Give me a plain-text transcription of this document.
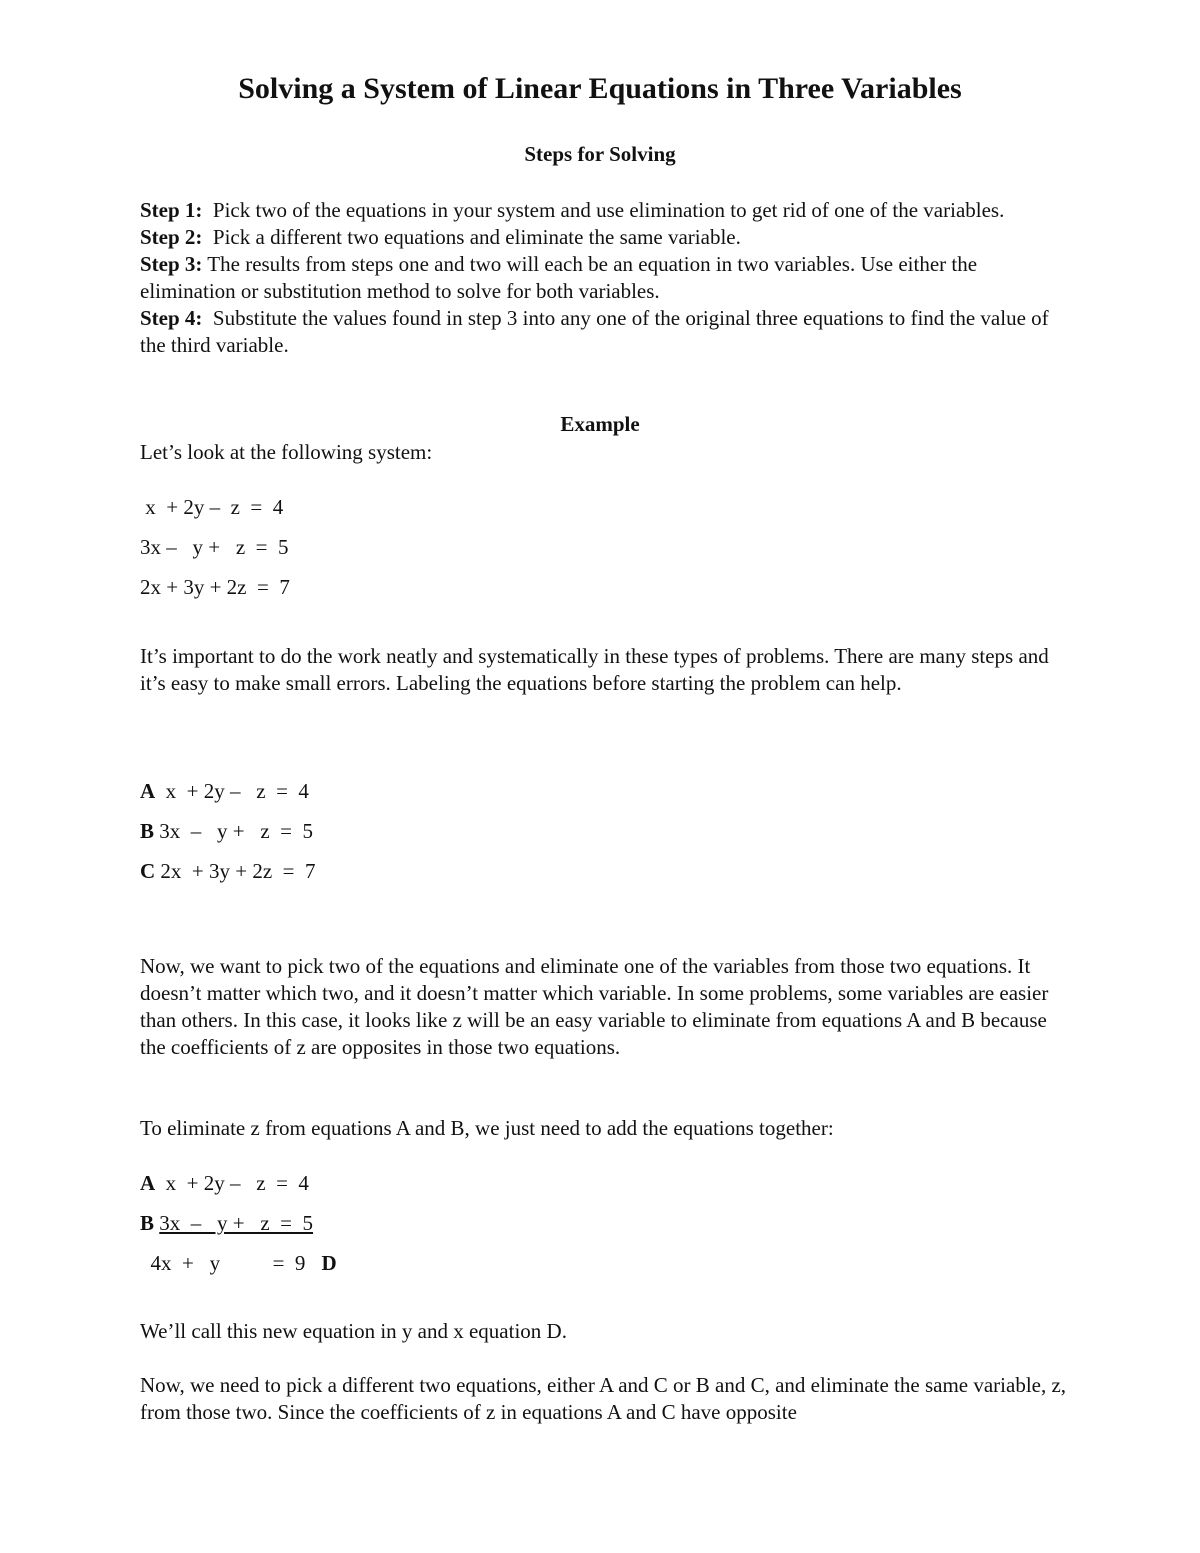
Solving a System of Linear Equations in Three Variables
Steps for Solving

Step 1: Pick two of the equations in your system and use elimination to get rid of one of the variables.

Step 2: Pick a different two equations and eliminate the same variable.

Step 3: The results from steps one and two will each be an equation in two variables. Use either the elimination or substitution method to solve for both variables.

Step 4: Substitute the values found in step 3 into any one of the original three equations to find the value of the third variable.

Example
Let’s look at the following system:
x  + 2y –  z  =  4
3x –   y +   z  =  5
2x + 3y + 2z  =  7

It’s important to do the work neatly and systematically in these types of problems. There are many steps and it’s easy to make small errors. Labeling the equations before starting the problem can help.

A  x  + 2y –   z  =  4
B 3x  –   y +   z  =  5
C 2x  + 3y + 2z  =  7

Now, we want to pick two of the equations and eliminate one of the variables from those two equations. It doesn’t matter which two, and it doesn’t matter which variable. In some problems, some variables are easier than others. In this case, it looks like z will be an easy variable to eliminate from equations A and B because the coefficients of z are opposites in those two equations.

To eliminate z from equations A and B, we just need to add the equations together:
A  x  + 2y –   z  =  4
B 3x  –   y +   z  =  5
4x  +   y          =  9 D
We’ll call this new equation in y and x equation D.

Now, we need to pick a different two equations, either A and C or B and C, and eliminate the same variable, z, from those two. Since the coefficients of z in equations A and C have opposite
